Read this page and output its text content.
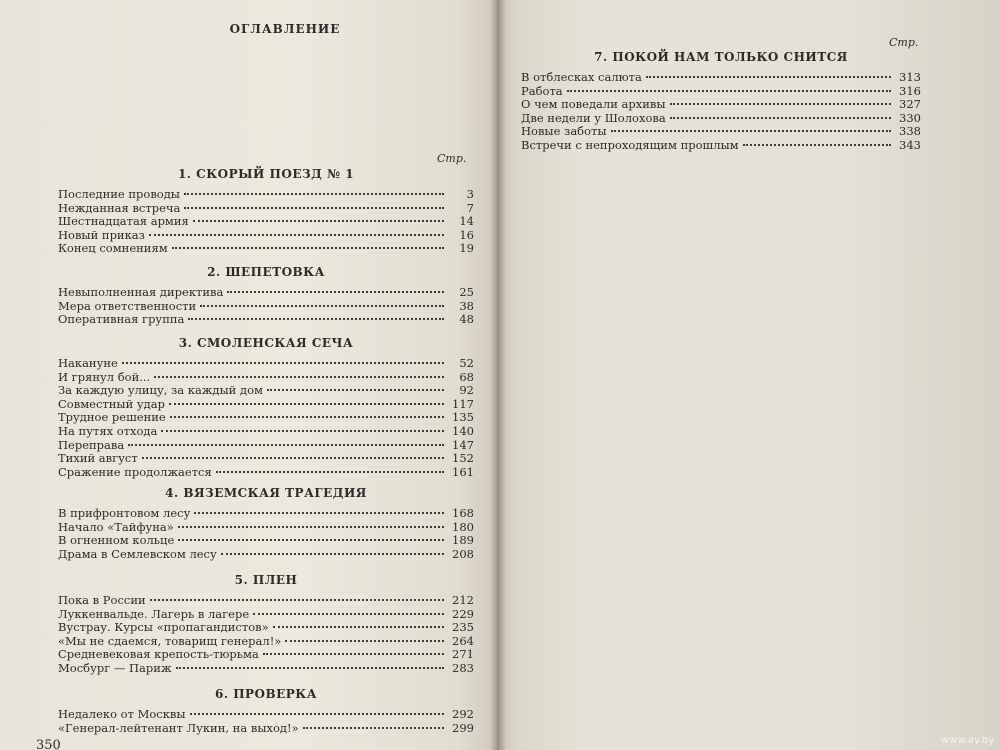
ОГЛАВЛЕНИЕ
Стр.
1. СКОРЫЙ ПОЕЗД № 1
Последние проводы	3
Нежданная встреча	7
Шестнадцатая армия	14
Новый приказ	16
Конец сомнениям	19
2. ШЕПЕТОВКА
Невыполненная директива	25
Мера ответственности	38
Оперативная группа	48
3. СМОЛЕНСКАЯ СЕЧА
Накануне	52
И грянул бой...	68
За каждую улицу, за каждый дом	92
Совместный удар	117
Трудное решение	135
На путях отхода	140
Переправа	147
Тихий август	152
Сражение продолжается	161
4. ВЯЗЕМСКАЯ ТРАГЕДИЯ
В прифронтовом лесу	168
Начало «Тайфуна»	180
В огненном кольце	189
Драма в Семлевском лесу	208
5. ПЛЕН
Пока в России	212
Луккенвальде. Лагерь в лагере	229
Вустрау. Курсы «пропагандистов»	235
«Мы не сдаемся, товарищ генерал!»	264
Средневековая крепость-тюрьма	271
Мосбург — Париж	283
6. ПРОВЕРКА
Недалеко от Москвы	292
«Генерал-лейтенант Лукин, на выход!»	299
350
Стр.
7. ПОКОЙ НАМ ТОЛЬКО СНИТСЯ
В отблесках салюта	313
Работа	316
О чем поведали архивы	327
Две недели у Шолохова	330
Новые заботы	338
Встречи с непроходящим прошлым	343
www.ay.by
